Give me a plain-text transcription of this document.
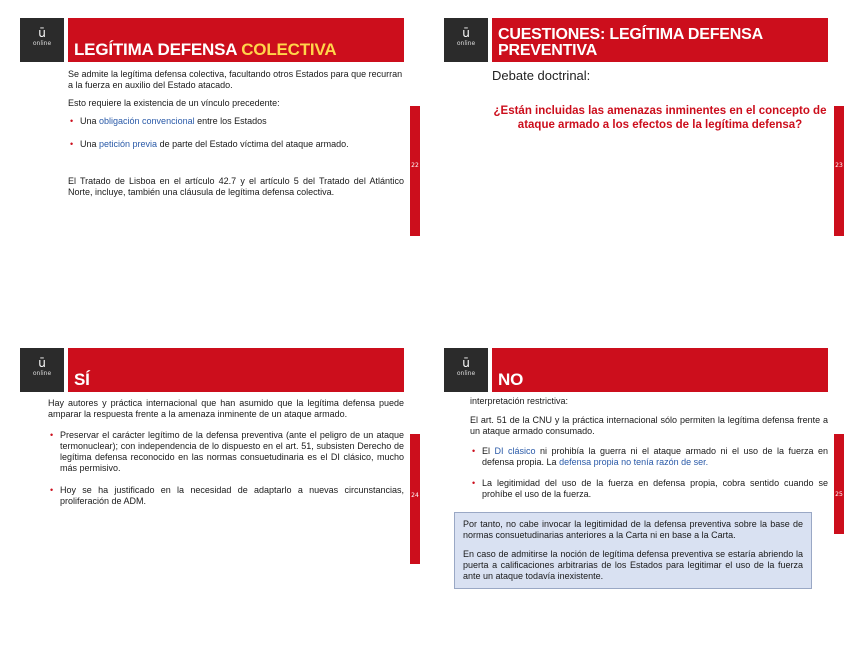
ū
online	LEGÍTIMA DEFENSA COLECTIVA

Se admite la legítima defensa colectiva, facultando otros Estados para que recurran a la fuerza en auxilio del Estado atacado.

Esto requiere la existencia de un vínculo precedente:

• Una obligación convencional entre los Estados
• Una petición previa de parte del Estado víctima del ataque armado.

El Tratado de Lisboa en el artículo 42.7 y el artículo 5 del Tratado del Atlántico Norte, incluye, también una cláusula de legítima defensa colectiva.

22
ū
online
CUESTIONES: LEGÍTIMA DEFENSA PREVENTIVA
Debate doctrinal:
¿Están incluidas las amenazas inminentes en el concepto de ataque armado a los efectos de la legítima defensa?
23
ū
online	SÍ

Hay autores y práctica internacional que han asumido que la legítima defensa puede amparar la respuesta frente a la amenaza inminente de un ataque armado.

• Preservar el carácter legítimo de la defensa preventiva (ante el peligro de un ataque termonuclear); con independencia de lo dispuesto en el art. 51, subsisten Derecho de legítima defensa reconocido en las normas consuetudinaria es el DI clásico, mucho más permisivo.
• Hoy se ha justificado en la necesidad de adaptarlo a nuevas circunstancias, proliferación de ADM.
24
ū
online	NO

interpretación restrictiva:

El art. 51 de la CNU y la práctica internacional sólo permiten la legítima defensa frente a un ataque armado consumado.

• El DI clásico ni prohibía la guerra ni el ataque armado ni el uso de la fuerza en defensa propia. La defensa propia no tenía razón de ser.
• La legitimidad del uso de la fuerza en defensa propia, cobra sentido cuando se prohíbe el uso de la fuerza.

Por tanto, no cabe invocar la legitimidad de la defensa preventiva sobre la base de normas consuetudinarias anteriores a la Carta ni en base a la Carta.

En caso de admitirse la noción de legítima defensa preventiva se estaría abriendo la puerta a calificaciones arbitrarias de los Estados para legitimar el uso de la fuerza ante un ataque todavía inexistente.

25
